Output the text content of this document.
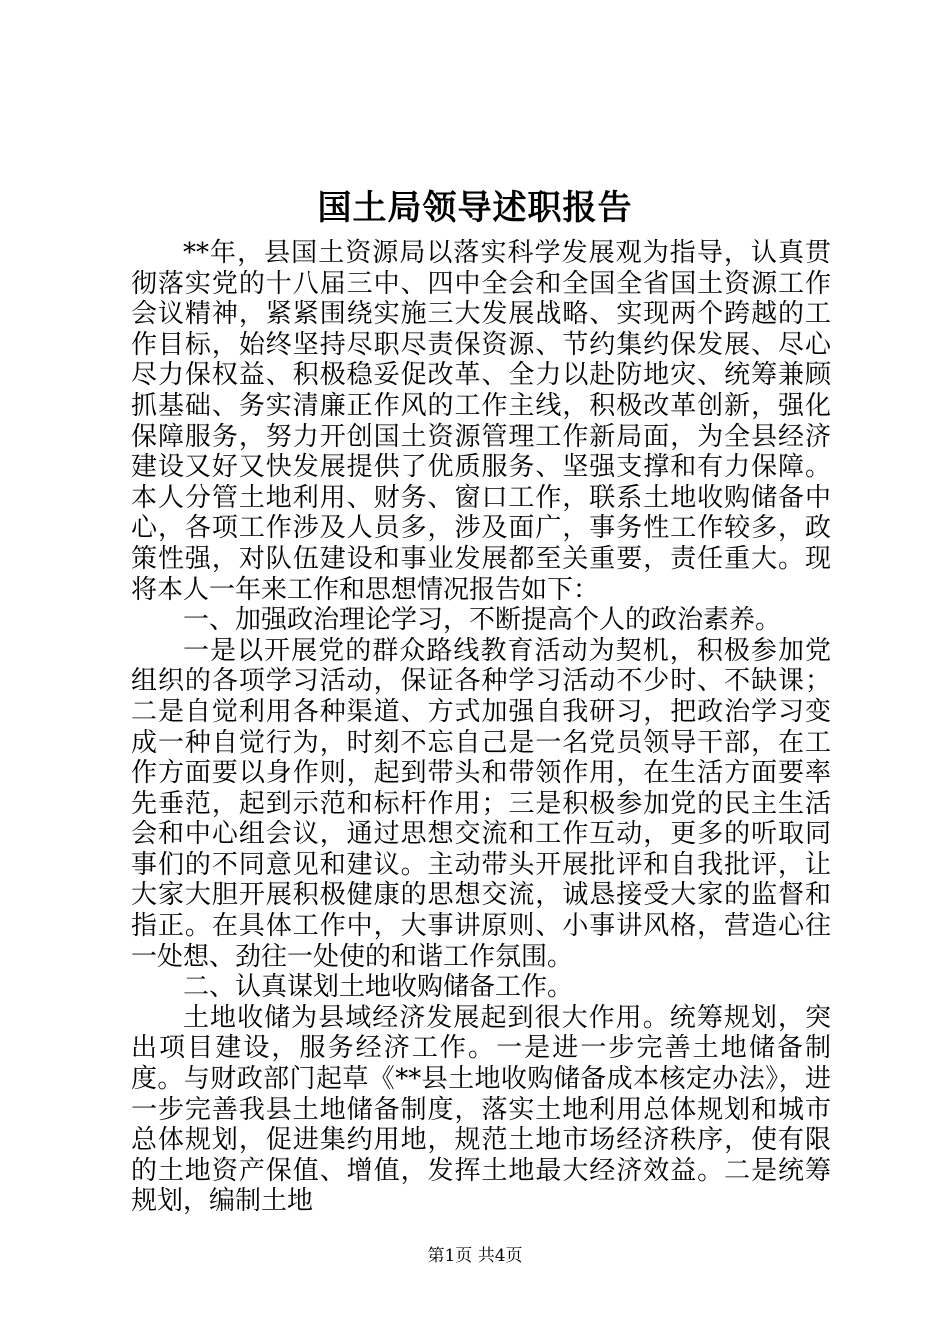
国土局领导述职报告

**年，县国土资源局以落实科学发展观为指导，认真贯彻落实党的十八届三中、四中全会和全国全省国土资源工作会议精神，紧紧围绕实施三大发展战略、实现两个跨越的工作目标，始终坚持尽职尽责保资源、节约集约保发展、尽心尽力保权益、积极稳妥促改革、全力以赴防地灾、统筹兼顾抓基础、务实清廉正作风的工作主线，积极改革创新，强化保障服务，努力开创国土资源管理工作新局面，为全县经济建设又好又快发展提供了优质服务、坚强支撑和有力保障。本人分管土地利用、财务、窗口工作，联系土地收购储备中心，各项工作涉及人员多，涉及面广，事务性工作较多，政策性强，对队伍建设和事业发展都至关重要，责任重大。现将本人一年来工作和思想情况报告如下：

一、加强政治理论学习，不断提高个人的政治素养。

一是以开展党的群众路线教育活动为契机，积极参加党组织的各项学习活动，保证各种学习活动不少时、不缺课；二是自觉利用各种渠道、方式加强自我研习，把政治学习变成一种自觉行为，时刻不忘自己是一名党员领导干部，在工作方面要以身作则，起到带头和带领作用，在生活方面要率先垂范，起到示范和标杆作用；三是积极参加党的民主生活会和中心组会议，通过思想交流和工作互动，更多的听取同事们的不同意见和建议。主动带头开展批评和自我批评，让大家大胆开展积极健康的思想交流，诚恳接受大家的监督和指正。在具体工作中，大事讲原则、小事讲风格，营造心往一处想、劲往一处使的和谐工作氛围。

二、认真谋划土地收购储备工作。

土地收储为县域经济发展起到很大作用。统筹规划，突出项目建设，服务经济工作。一是进一步完善土地储备制度。与财政部门起草《**县土地收购储备成本核定办法》，进一步完善我县土地储备制度，落实土地利用总体规划和城市总体规划，促进集约用地，规范土地市场经济秩序，使有限的土地资产保值、增值，发挥土地最大经济效益。二是统筹规划，编制土地

第1页 共4页
